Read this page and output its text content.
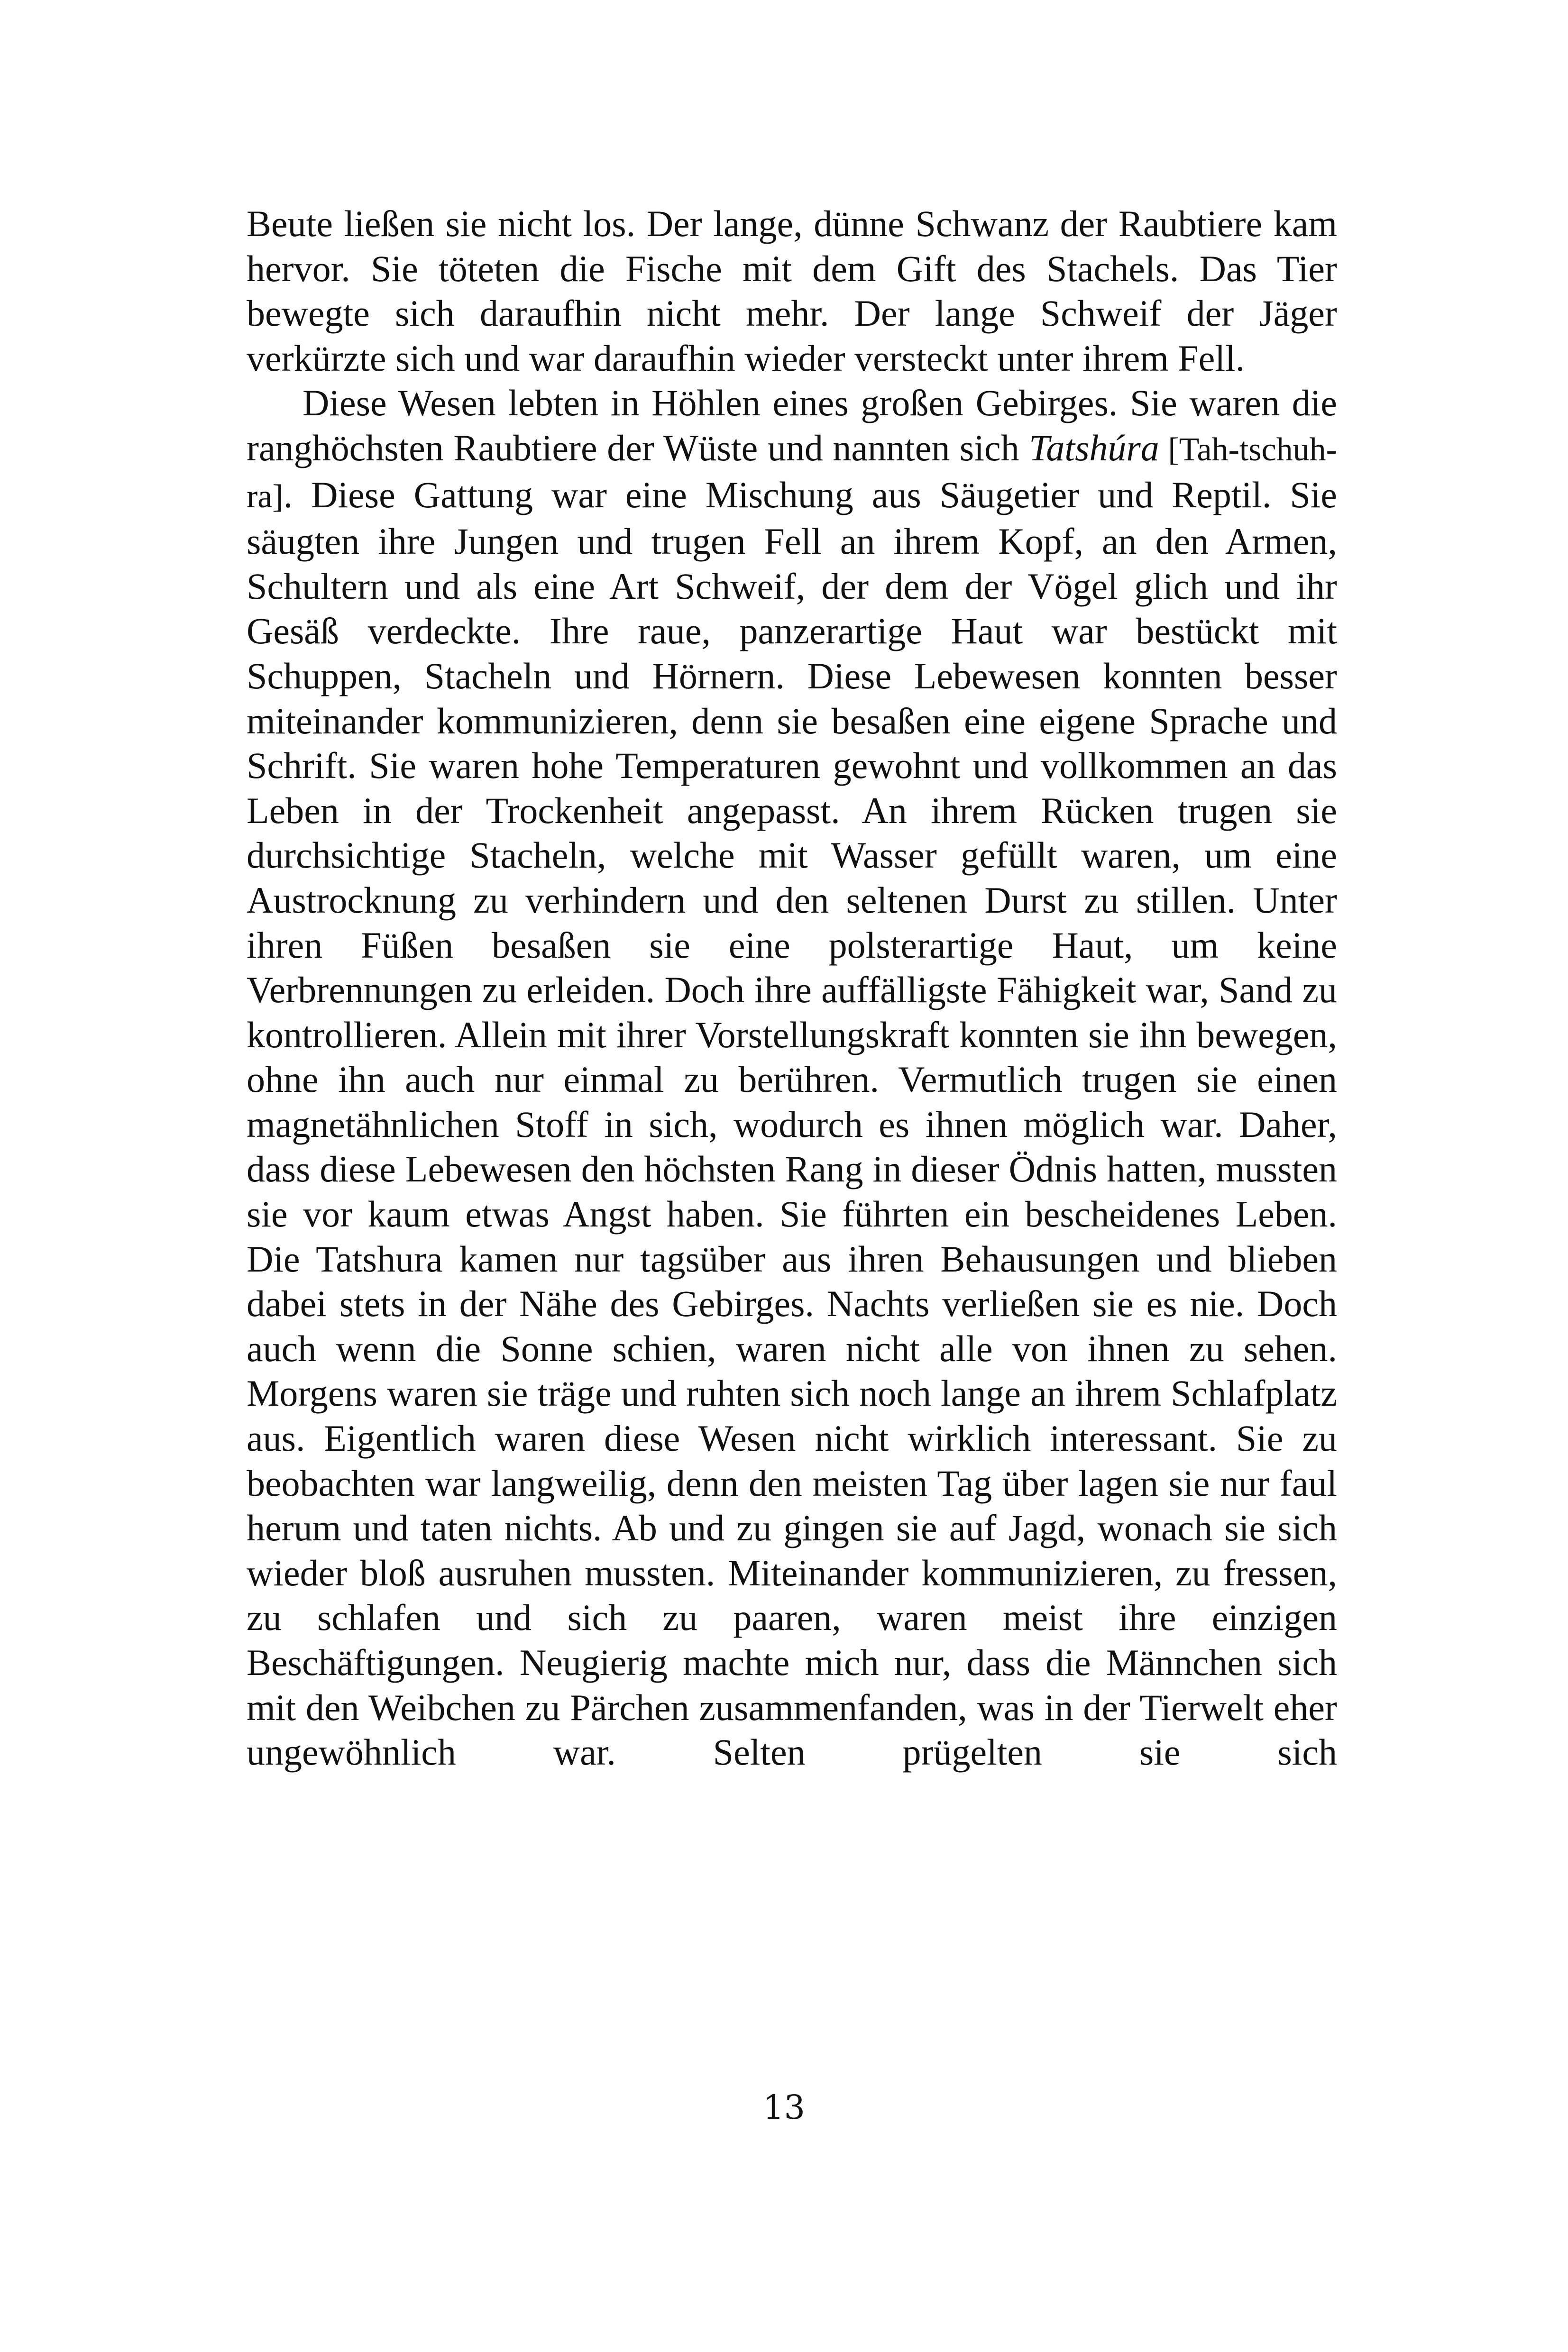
Beute ließen sie nicht los. Der lange, dünne Schwanz der Raubtiere kam hervor. Sie töteten die Fische mit dem Gift des Stachels. Das Tier bewegte sich daraufhin nicht mehr. Der lange Schweif der Jäger verkürzte sich und war daraufhin wieder versteckt unter ihrem Fell.

Diese Wesen lebten in Höhlen eines großen Gebirges. Sie waren die ranghöchsten Raubtiere der Wüste und nannten sich Tatshúra [Tah-tschuh-ra]. Diese Gattung war eine Mischung aus Säugetier und Reptil. Sie säugten ihre Jungen und trugen Fell an ihrem Kopf, an den Armen, Schultern und als eine Art Schweif, der dem der Vögel glich und ihr Gesäß verdeckte. Ihre raue, panzerartige Haut war bestückt mit Schuppen, Stacheln und Hörnern. Diese Lebewesen konnten besser miteinander kommunizieren, denn sie besaßen eine eigene Sprache und Schrift. Sie waren hohe Temperaturen gewohnt und vollkommen an das Leben in der Trockenheit angepasst. An ihrem Rücken trugen sie durchsichtige Stacheln, welche mit Wasser gefüllt waren, um eine Austrocknung zu verhindern und den seltenen Durst zu stillen. Unter ihren Füßen besaßen sie eine polsterartige Haut, um keine Verbrennungen zu erleiden. Doch ihre auffälligste Fähigkeit war, Sand zu kontrollieren. Allein mit ihrer Vorstellungskraft konnten sie ihn bewegen, ohne ihn auch nur einmal zu berühren. Vermutlich trugen sie einen magnetähnlichen Stoff in sich, wodurch es ihnen möglich war. Daher, dass diese Lebewesen den höchsten Rang in dieser Ödnis hatten, mussten sie vor kaum etwas Angst haben. Sie führten ein bescheidenes Leben. Die Tatshura kamen nur tagsüber aus ihren Behausungen und blieben dabei stets in der Nähe des Gebirges. Nachts verließen sie es nie. Doch auch wenn die Sonne schien, waren nicht alle von ihnen zu sehen. Morgens waren sie träge und ruhten sich noch lange an ihrem Schlafplatz aus. Eigentlich waren diese Wesen nicht wirklich interessant. Sie zu beobachten war langweilig, denn den meisten Tag über lagen sie nur faul herum und taten nichts. Ab und zu gingen sie auf Jagd, wonach sie sich wieder bloß ausruhen mussten. Miteinander kommunizieren, zu fressen, zu schlafen und sich zu paaren, waren meist ihre einzigen Beschäftigungen. Neugierig machte mich nur, dass die Männchen sich mit den Weibchen zu Pärchen zusammenfanden, was in der Tierwelt eher ungewöhnlich war. Selten prügelten sie sich

13
